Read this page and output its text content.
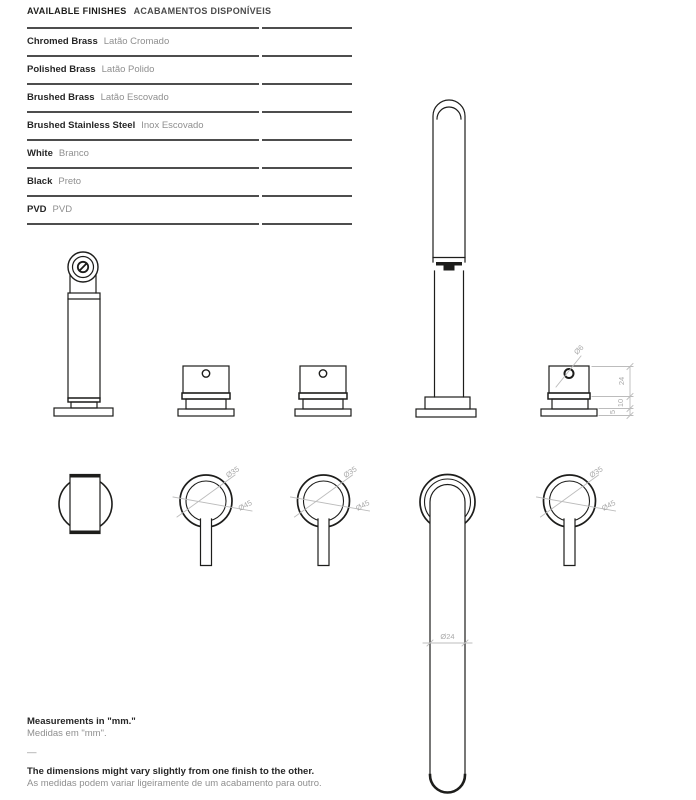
Ø6
24
10
5
Ø35
Ø45
Ø35
Ø45
Ø24
Ø35
Ø45
AVAILABLE FINISHES ACABAMENTOS DISPONÍVEIS
Chromed Brass Latão Cromado
Polished Brass Latão Polido
Brushed Brass Latão Escovado
Brushed Stainless Steel Inox Escovado
White Branco
Black Preto
PVD PVD
Measurements in "mm."
Medidas em "mm".
—
The dimensions might vary slightly from one finish to the other.
As medidas podem variar ligeiramente de um acabamento para outro.
